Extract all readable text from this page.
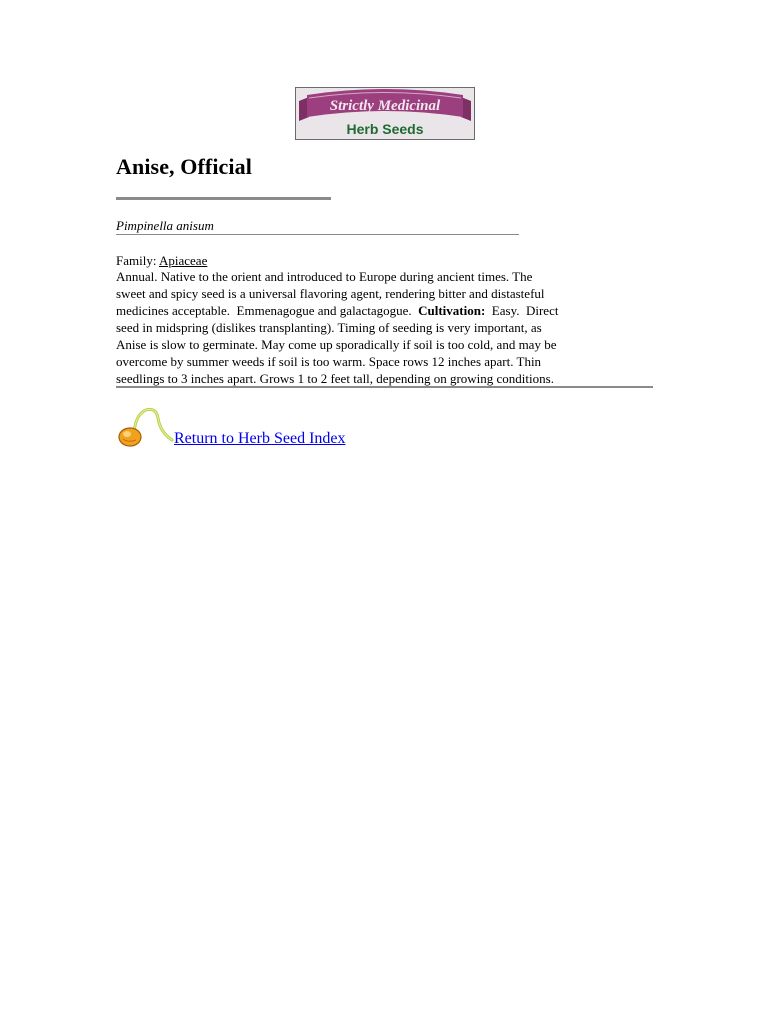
Strictly Medicinal
Herb Seeds
Anise, Official
Pimpinella anisum
Family: Apiaceae
Annual. Native to the orient and introduced to Europe during ancient times. The
sweet and spicy seed is a universal flavoring agent, rendering bitter and distasteful
medicines acceptable.  Emmenagogue and galactagogue.  Cultivation:  Easy.  Direct
seed in midspring (dislikes transplanting). Timing of seeding is very important, as
Anise is slow to germinate. May come up sporadically if soil is too cold, and may be
overcome by summer weeds if soil is too warm. Space rows 12 inches apart. Thin
seedlings to 3 inches apart. Grows 1 to 2 feet tall, depending on growing conditions.
Return to Herb Seed Index
